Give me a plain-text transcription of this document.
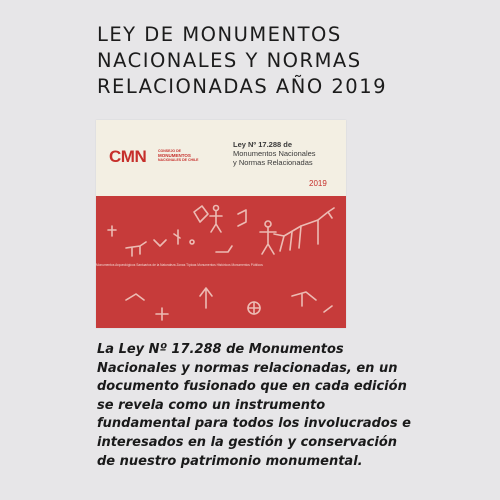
LEY DE MONUMENTOS NACIONALES Y NORMAS RELACIONADAS AÑO 2019
CMN	CONSEJO DE
MONUMENTOS
NACIONALES DE CHILE
Ley Nº 17.288 de
Monumentos Nacionales
y Normas Relacionadas
2019
Monumentos Arqueológicos Santuarios de la Naturaleza Zonas Típicas Monumentos Históricos Monumentos Públicos

La Ley Nº 17.288 de Monumentos Nacionales y normas relacionadas, en un documento fusionado que en cada edición se revela como un instrumento fundamental para todos los involucrados e interesados en la gestión y conservación de nuestro patrimonio monumental.
